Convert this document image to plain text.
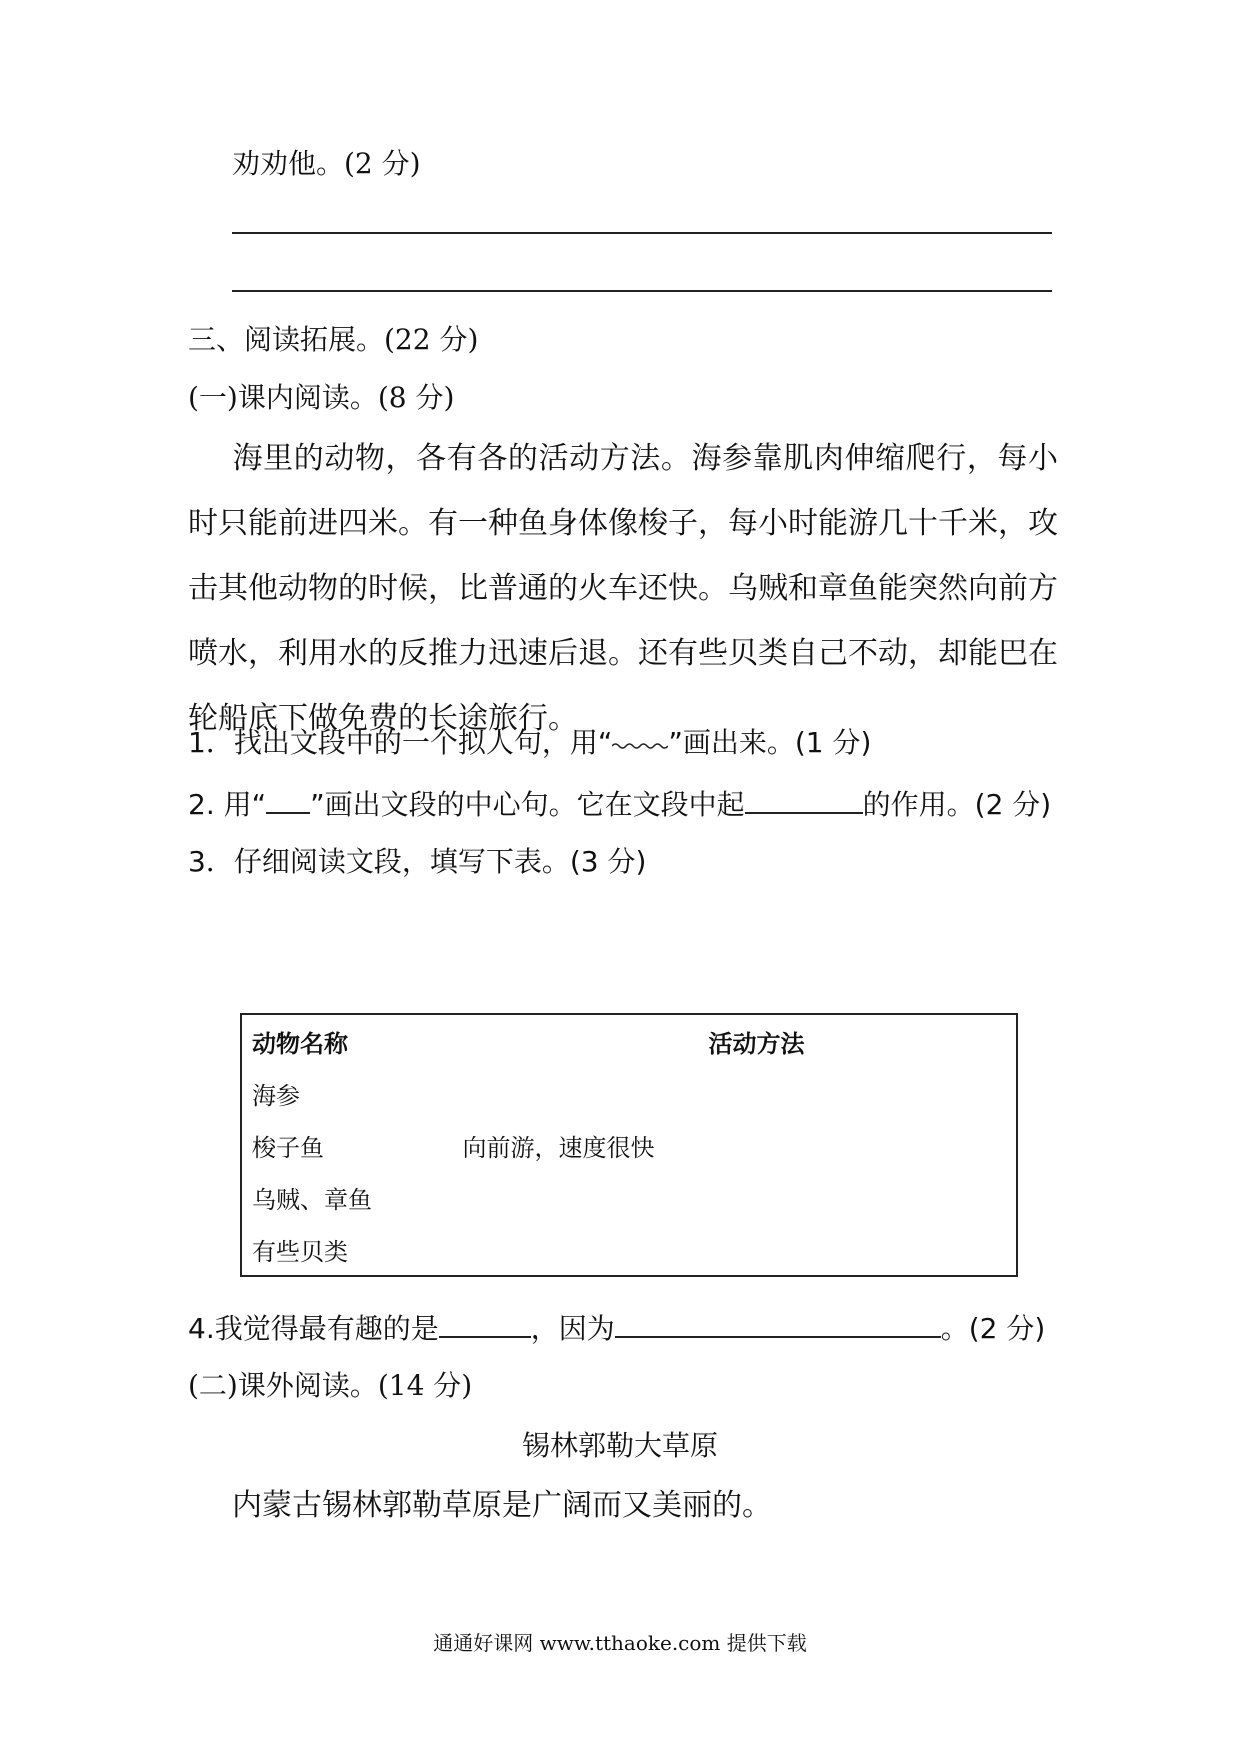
劝劝他。(2 分)
三、阅读拓展。(22 分)
(一)课内阅读。(8 分)
海里的动物，各有各的活动方法。海参靠肌肉伸缩爬行，每小时只能前进四米。有一种鱼身体像梭子，每小时能游几十千米，攻击其他动物的时候，比普通的火车还快。乌贼和章鱼能突然向前方喷水，利用水的反推力迅速后退。还有些贝类自己不动，却能巴在轮船底下做免费的长途旅行。
1．找出文段中的一个拟人句，用“ ”画出来。(1 分)
2. 用“ ”画出文段的中心句。它在文段中起	的作用。(2 分)
3．仔细阅读文段，填写下表。(3 分)
动物名称	活动方法
海参	
梭子鱼	向前游，速度很快
乌贼、章鱼	
有些贝类	
4.我觉得最有趣的是	，因为	。(2 分)
(二)课外阅读。(14 分)
锡林郭勒大草原
内蒙古锡林郭勒草原是广阔而又美丽的。
通通好课网 www.tthaoke.com 提供下载
